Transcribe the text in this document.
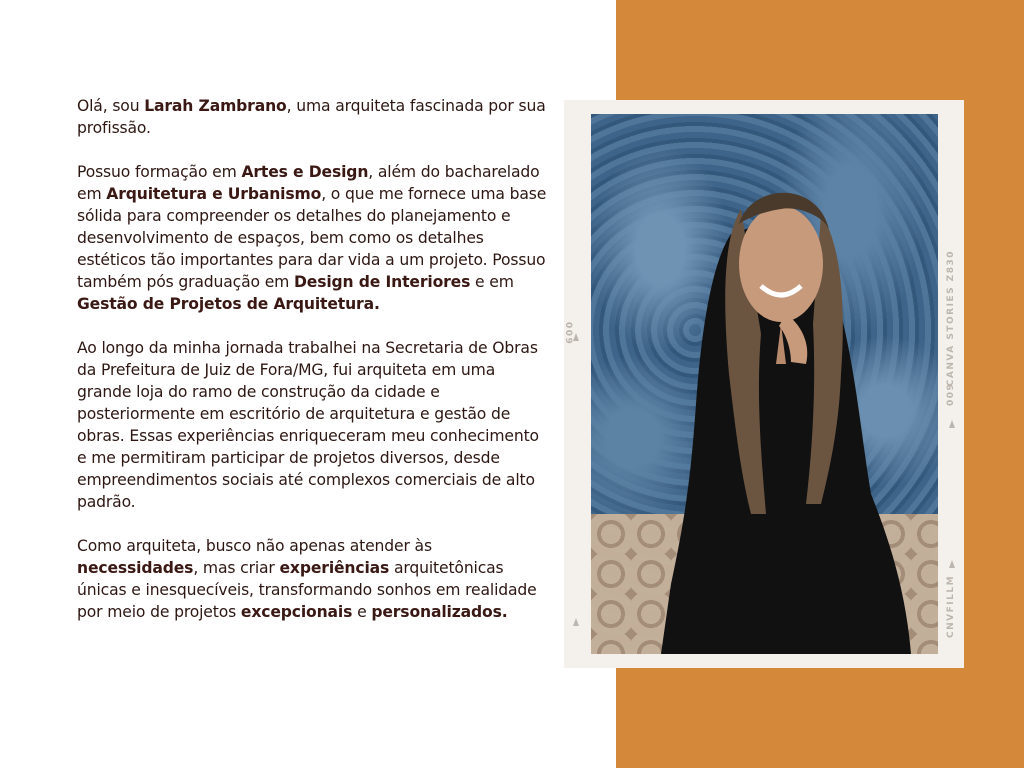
Olá, sou Larah Zambrano, uma arquiteta fascinada por sua profissão.

Possuo formação em Artes e Design, além do bacharelado em Arquitetura e Urbanismo, o que me fornece uma base sólida para compreender os detalhes do planejamento e desenvolvimento de espaços, bem como os detalhes estéticos tão importantes para dar vida a um projeto. Possuo também pós graduação em Design de Interiores e em Gestão de Projetos de Arquitetura.

Ao longo da minha jornada trabalhei na Secretaria de Obras da Prefeitura de Juiz de Fora/MG, fui arquiteta em uma grande loja do ramo de construção da cidade e posteriormente em escritório de arquitetura e gestão de obras. Essas experiências enriqueceram meu conhecimento e me permitiram participar de projetos diversos, desde empreendimentos sociais até complexos comerciais de alto padrão.

Como arquiteta, busco não apenas atender às necessidades, mas criar experiências arquitetônicas únicas e inesquecíveis, transformando sonhos em realidade por meio de projetos excepcionais e personalizados.

CANVA STORIES Z830
CNVFILLM
009
009
